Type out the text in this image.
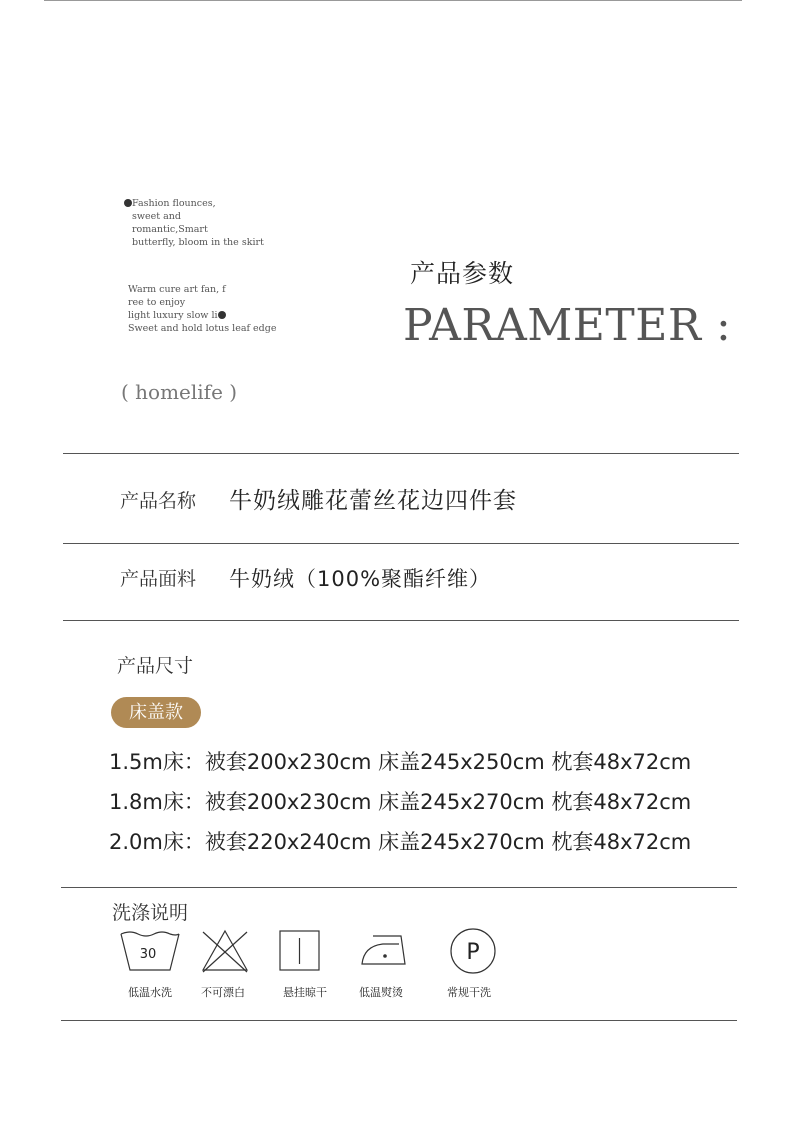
Fashion flounces,
sweet and
romantic,Smart
butterfly, bloom in the skirt
Warm cure art fan, f
ree to enjoy
light luxury slow li
Sweet and hold lotus leaf edge
产品参数
PARAMETER :
( homelife )
产品名称 牛奶绒雕花蕾丝花边四件套
产品面料 牛奶绒（100%聚酯纤维）
产品尺寸
床盖款
1.5m床：被套200x230cm 床盖245x250cm 枕套48x72cm
1.8m床：被套200x230cm 床盖245x270cm 枕套48x72cm
2.0m床：被套220x240cm 床盖245x270cm 枕套48x72cm
洗涤说明
30
低温水洗	不可漂白	悬挂晾干	低温熨烫
P
常规干洗
